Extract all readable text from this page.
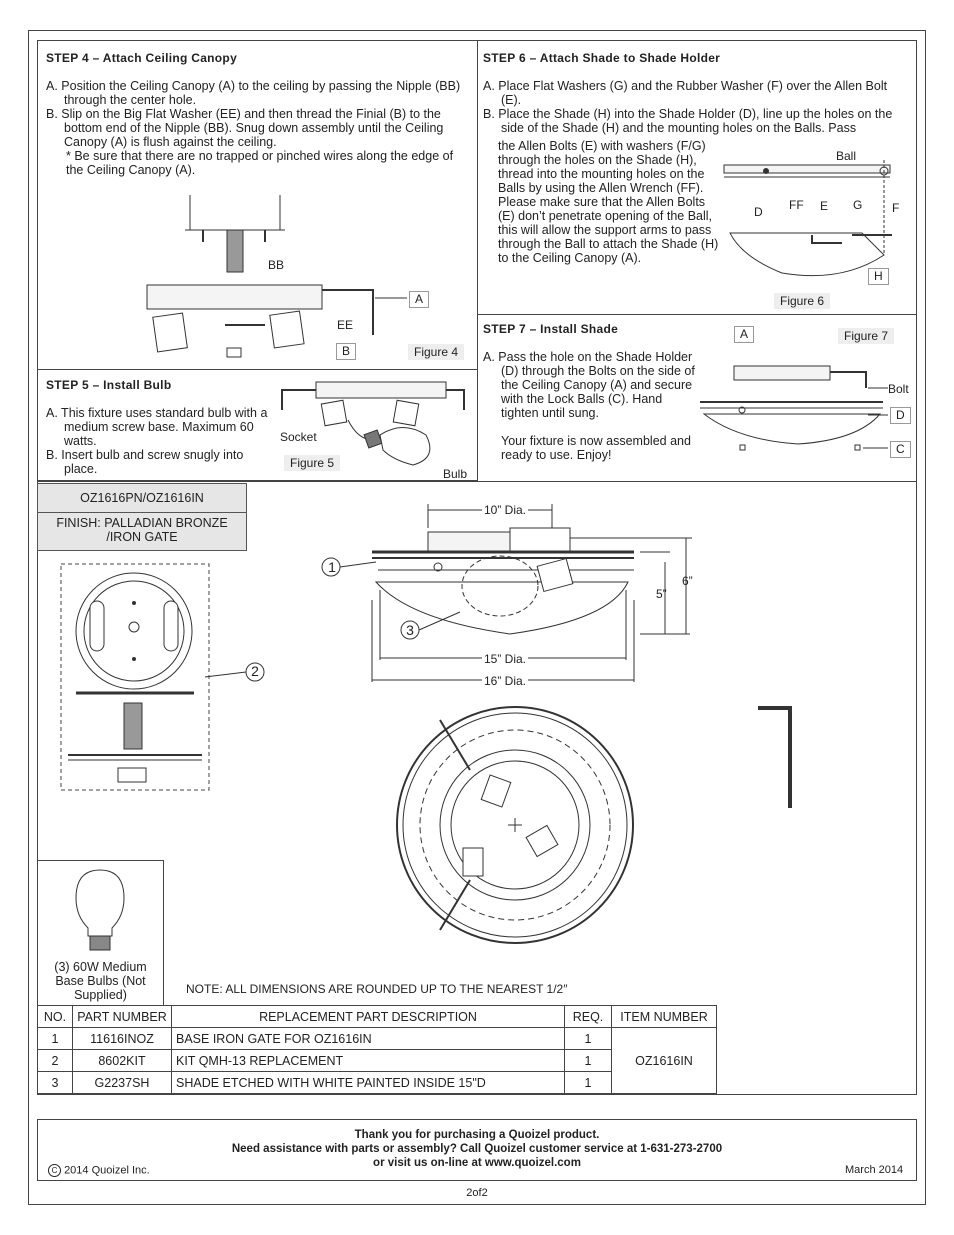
STEP 4 – Attach Ceiling Canopy

A. Position the Ceiling Canopy (A) to the ceiling by passing the Nipple (BB) through the center hole.

B. Slip on the Big Flat Washer (EE) and then thread the Finial (B) to the bottom end of the Nipple (BB). Snug down assembly until the Ceiling Canopy (A) is flush against the ceiling.

* Be sure that there are no trapped or pinched wires along the edge of the Ceiling Canopy (A).

BB
A
EE
B	Figure 4
STEP 5 – Install Bulb

A. This fixture uses standard bulb with a medium screw base. Maximum 60 watts.

B. Insert bulb and screw snugly into place.

Socket
Figure 5
Bulb
STEP 6 – Attach Shade to Shade Holder

A. Place Flat Washers (G) and the Rubber Washer (F) over the Allen Bolt (E).

B. Place the Shade (H) into the Shade Holder (D), line up the holes on the side of the Shade (H) and the mounting holes on the Balls. Pass

the Allen Bolts (E) with washers (F/G) through the holes on the Shade (H), thread into the mounting holes on the Balls by using the Allen Wrench (FF). Please make sure that the Allen Bolts (E) don’t penetrate opening of the Ball, this will allow the support arms to pass through the Ball to attach the Shade (H) to the Ceiling Canopy (A).
Ball
D FF E G F
H
Figure 6
STEP 7 – Install Shade

A. Pass the hole on the Shade Holder (D) through the Bolts on the side of the Ceiling Canopy (A) and secure with the Lock Balls (C). Hand tighten until sung.

Your fixture is now assembled and ready to use. Enjoy!

A	Figure 7
Bolt
D
C
OZ1616PN/OZ1616IN
FINISH: PALLADIAN BRONZE /IRON GATE
10” Dia.
15” Dia.
16” Dia.
5”
6”
1
3
2
(3) 60W Medium Base Bulbs (Not Supplied)	NOTE: ALL DIMENSIONS ARE ROUNDED UP TO THE NEAREST 1/2″
NO.	PART NUMBER	REPLACEMENT PART DESCRIPTION	REQ.	ITEM NUMBER
1	11616INOZ	BASE IRON GATE FOR OZ1616IN	1	OZ1616IN
2	8602KIT	KIT QMH-13 REPLACEMENT	1	
3	G2237SH	SHADE ETCHED WITH WHITE PAINTED INSIDE 15"D	1	

Thank you for purchasing a Quoizel product.

Need assistance with parts or assembly? Call Quoizel customer service at 1-631-273-2700

or visit us on-line at www.quoizel.com

C 2014 Quoizel Inc.	March 2014
2of2
